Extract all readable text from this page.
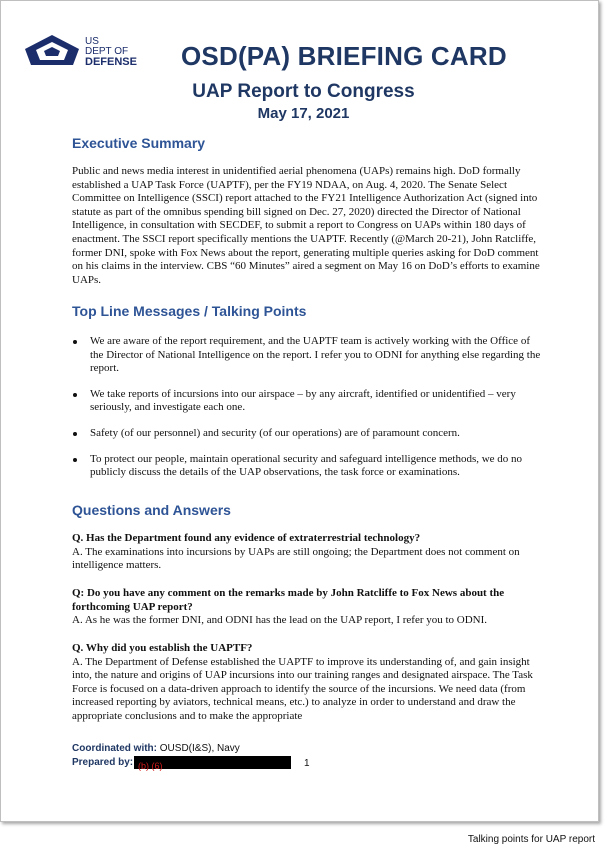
US
DEPT OF
DEFENSE OSD(PA) BRIEFING CARD
UAP Report to Congress
May 17, 2021
Executive Summary

Public and news media interest in unidentified aerial phenomena (UAPs) remains high. DoD formally established a UAP Task Force (UAPTF), per the FY19 NDAA, on Aug. 4, 2020. The Senate Select Committee on Intelligence (SSCI) report attached to the FY21 Intelligence Authorization Act (signed into statute as part of the omnibus spending bill signed on Dec. 27, 2020) directed the Director of National Intelligence, in consultation with SECDEF, to submit a report to Congress on UAPs within 180 days of enactment. The SSCI report specifically mentions the UAPTF. Recently (@March 20-21), John Ratcliffe, former DNI, spoke with Fox News about the report, generating multiple queries asking for DoD comment on his claims in the interview. CBS “60 Minutes” aired a segment on May 16 on DoD’s efforts to examine UAPs.

Top Line Messages / Talking Points
We are aware of the report requirement, and the UAPTF team is actively working with the Office of the Director of National Intelligence on the report. I refer you to ODNI for anything else regarding the report.
We take reports of incursions into our airspace – by any aircraft, identified or unidentified – very seriously, and investigate each one.
Safety (of our personnel) and security (of our operations) are of paramount concern.
To protect our people, maintain operational security and safeguard intelligence methods, we do no publicly discuss the details of the UAP observations, the task force or examinations.
Questions and Answers

Q. Has the Department found any evidence of extraterrestrial technology?

A. The examinations into incursions by UAPs are still ongoing; the Department does not comment on intelligence matters.

Q: Do you have any comment on the remarks made by John Ratcliffe to Fox News about the forthcoming UAP report?

A. As he was the former DNI, and ODNI has the lead on the UAP report, I refer you to ODNI.

Q. Why did you establish the UAPTF?

A. The Department of Defense established the UAPTF to improve its understanding of, and gain insight into, the nature and origins of UAP incursions into our training ranges and designated airspace. The Task Force is focused on a data-driven approach to identify the source of the incursions. We need data (from increased reporting by aviators, technical means, etc.) to analyze in order to understand and draw the appropriate conclusions and to make the appropriate

Coordinated with: OUSD(I&S), Navy
Prepared by: (b) (6)	1
Talking points for UAP report
